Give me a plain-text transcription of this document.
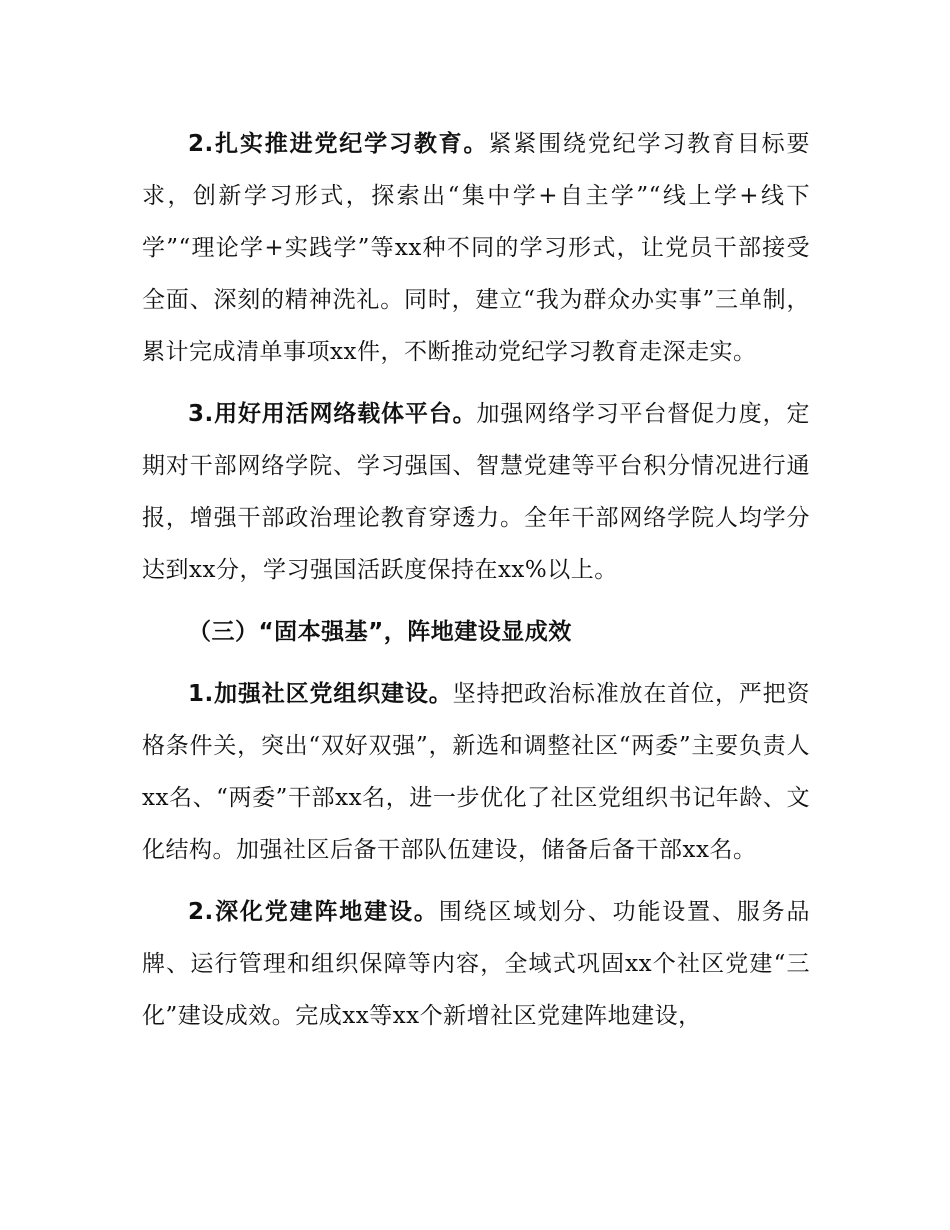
2.扎实推进党纪学习教育。紧紧围绕党纪学习教育目标要求，创新学习形式，探索出“集中学+自主学”“线上学+线下学”“理论学+实践学”等xx种不同的学习形式，让党员干部接受全面、深刻的精神洗礼。同时，建立“我为群众办实事”三单制，累计完成清单事项xx件，不断推动党纪学习教育走深走实。

3.用好用活网络载体平台。加强网络学习平台督促力度，定期对干部网络学院、学习强国、智慧党建等平台积分情况进行通报，增强干部政治理论教育穿透力。全年干部网络学院人均学分达到xx分，学习强国活跃度保持在xx%以上。

（三）“固本强基”，阵地建设显成效

1.加强社区党组织建设。坚持把政治标准放在首位，严把资格条件关，突出“双好双强”，新选和调整社区“两委”主要负责人xx名、“两委”干部xx名，进一步优化了社区党组织书记年龄、文化结构。加强社区后备干部队伍建设，储备后备干部xx名。

2.深化党建阵地建设。围绕区域划分、功能设置、服务品牌、运行管理和组织保障等内容，全域式巩固xx个社区党建“三化”建设成效。完成xx等xx个新增社区党建阵地建设，
